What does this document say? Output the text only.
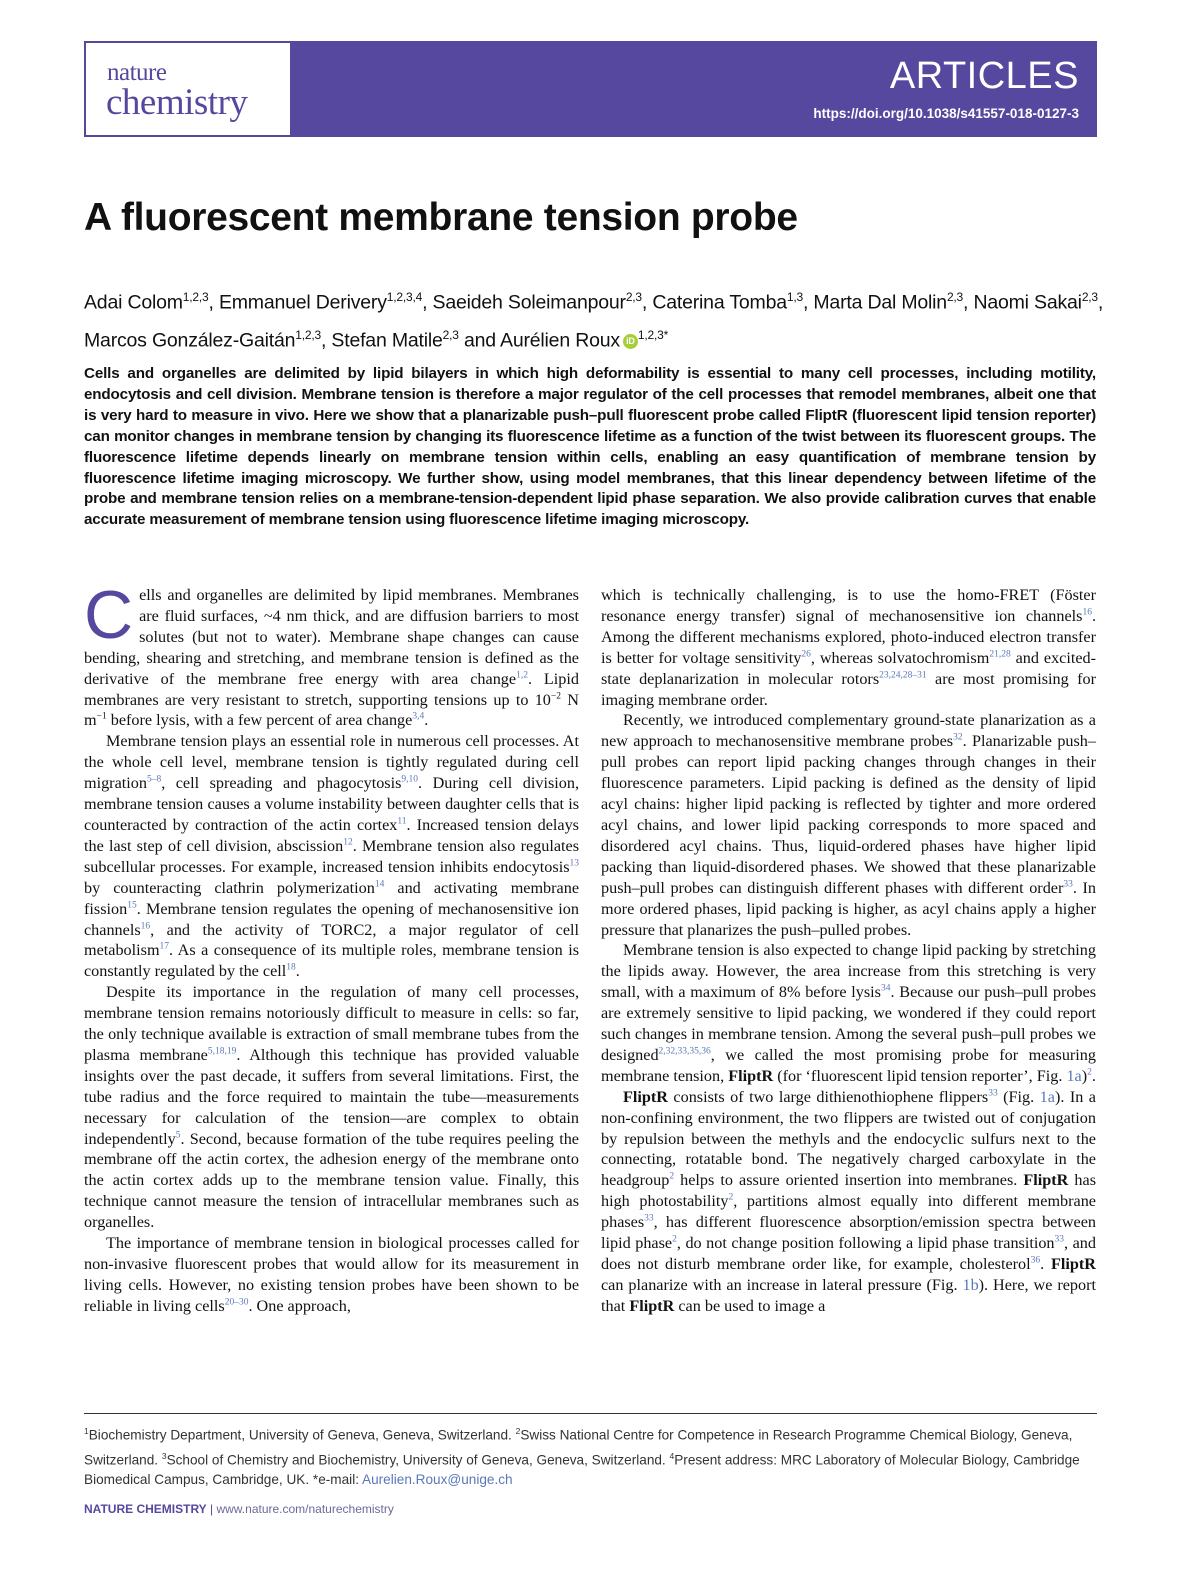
nature
chemistry
ARTICLES
https://doi.org/10.1038/s41557-018-0127-3
A fluorescent membrane tension probe

Adai Colom$^{1,2,3}$, Emmanuel Derivery$^{1,2,3,4}$, Saeideh Soleimanpour$^{2,3}$, Caterina Tomba$^{1,3}$, Marta Dal Molin$^{2,3}$, Naomi Sakai$^{2,3}$, Marcos González-Gaitán$^{1,2,3}$, Stefan Matile$^{2,3}$ and Aurélien Roux iD $^{1,2,3*}$

Cells and organelles are delimited by lipid bilayers in which high deformability is essential to many cell processes, including motility, endocytosis and cell division. Membrane tension is therefore a major regulator of the cell processes that remodel membranes, albeit one that is very hard to measure in vivo. Here we show that a planarizable push–pull fluorescent probe called FliptR (fluorescent lipid tension reporter) can monitor changes in membrane tension by changing its fluorescence lifetime as a function of the twist between its fluorescent groups. The fluorescence lifetime depends linearly on membrane tension within cells, enabling an easy quantification of membrane tension by fluorescence lifetime imaging microscopy. We further show, using model membranes, that this linear dependency between lifetime of the probe and membrane tension relies on a membrane-tension-dependent lipid phase separation. We also provide calibration curves that enable accurate measurement of membrane tension using fluorescence lifetime imaging microscopy.

Cells and organelles are delimited by lipid membranes. Membranes are fluid surfaces, ~4 nm thick, and are diffusion barriers to most solutes (but not to water). Membrane shape changes can cause bending, shearing and stretching, and membrane tension is defined as the derivative of the membrane free energy with area change$^{1,2}$. Lipid membranes are very resistant to stretch, supporting tensions up to $10^{-2}$ N $m^{-1}$ before lysis, with a few percent of area change$^{3,4}$.

Membrane tension plays an essential role in numerous cell processes. At the whole cell level, membrane tension is tightly regulated during cell migration$^{5-8}$, cell spreading and phagocytosis$^{9,10}$. During cell division, membrane tension causes a volume instability between daughter cells that is counteracted by contraction of the actin cortex$^{11}$. Increased tension delays the last step of cell division, abscission$^{12}$. Membrane tension also regulates subcellular processes. For example, increased tension inhibits endocytosis$^{13}$ by counteracting clathrin polymerization$^{14}$ and activating membrane fission$^{15}$. Membrane tension regulates the opening of mechanosensitive ion channels$^{16}$, and the activity of TORC2, a major regulator of cell metabolism$^{17}$. As a consequence of its multiple roles, membrane tension is constantly regulated by the cell$^{18}$.

Despite its importance in the regulation of many cell processes, membrane tension remains notoriously difficult to measure in cells: so far, the only technique available is extraction of small membrane tubes from the plasma membrane$^{5,18,19}$. Although this technique has provided valuable insights over the past decade, it suffers from several limitations. First, the tube radius and the force required to maintain the tube—measurements necessary for calculation of the tension—are complex to obtain independently$^5$. Second, because formation of the tube requires peeling the membrane off the actin cortex, the adhesion energy of the membrane onto the actin cortex adds up to the membrane tension value. Finally, this technique cannot measure the tension of intracellular membranes such as organelles.

The importance of membrane tension in biological processes called for non-invasive fluorescent probes that would allow for its measurement in living cells. However, no existing tension probes have been shown to be reliable in living cells$^{20-30}$. One approach,

which is technically challenging, is to use the homo-FRET (Föster resonance energy transfer) signal of mechanosensitive ion channels$^{16}$. Among the different mechanisms explored, photo-induced electron transfer is better for voltage sensitivity$^{26}$, whereas solvatochromism$^{21,28}$ and excited-state deplanarization in molecular rotors$^{23,24,28-31}$ are most promising for imaging membrane order.

Recently, we introduced complementary ground-state planarization as a new approach to mechanosensitive membrane probes$^{32}$. Planarizable push–pull probes can report lipid packing changes through changes in their fluorescence parameters. Lipid packing is defined as the density of lipid acyl chains: higher lipid packing is reflected by tighter and more ordered acyl chains, and lower lipid packing corresponds to more spaced and disordered acyl chains. Thus, liquid-ordered phases have higher lipid packing than liquid-disordered phases. We showed that these planarizable push–pull probes can distinguish different phases with different order$^{33}$. In more ordered phases, lipid packing is higher, as acyl chains apply a higher pressure that planarizes the push–pulled probes.

Membrane tension is also expected to change lipid packing by stretching the lipids away. However, the area increase from this stretching is very small, with a maximum of 8% before lysis$^{34}$. Because our push–pull probes are extremely sensitive to lipid packing, we wondered if they could report such changes in membrane tension. Among the several push–pull probes we designed$^{2,32,33,35,36}$, we called the most promising probe for measuring membrane tension, FliptR (for ‘fluorescent lipid tension reporter’, Fig. 1a)$^2$.

FliptR consists of two large dithienothiophene flippers$^{33}$ (Fig. 1a). In a non-confining environment, the two flippers are twisted out of conjugation by repulsion between the methyls and the endocyclic sulfurs next to the connecting, rotatable bond. The negatively charged carboxylate in the headgroup$^2$ helps to assure oriented insertion into membranes. FliptR has high photostability$^2$, partitions almost equally into different membrane phases$^{33}$, has different fluorescence absorption/emission spectra between lipid phase$^2$, do not change position following a lipid phase transition$^{33}$, and does not disturb membrane order like, for example, cholesterol$^{36}$. FliptR can planarize with an increase in lateral pressure (Fig. 1b). Here, we report that FliptR can be used to image a

$^1$Biochemistry Department, University of Geneva, Geneva, Switzerland. $^2$Swiss National Centre for Competence in Research Programme Chemical Biology, Geneva, Switzerland. $^3$School of Chemistry and Biochemistry, University of Geneva, Geneva, Switzerland. $^4$Present address: MRC Laboratory of Molecular Biology, Cambridge Biomedical Campus, Cambridge, UK. *e-mail: Aurelien.Roux@unige.ch

NATURE CHEMISTRY | www.nature.com/naturechemistry
